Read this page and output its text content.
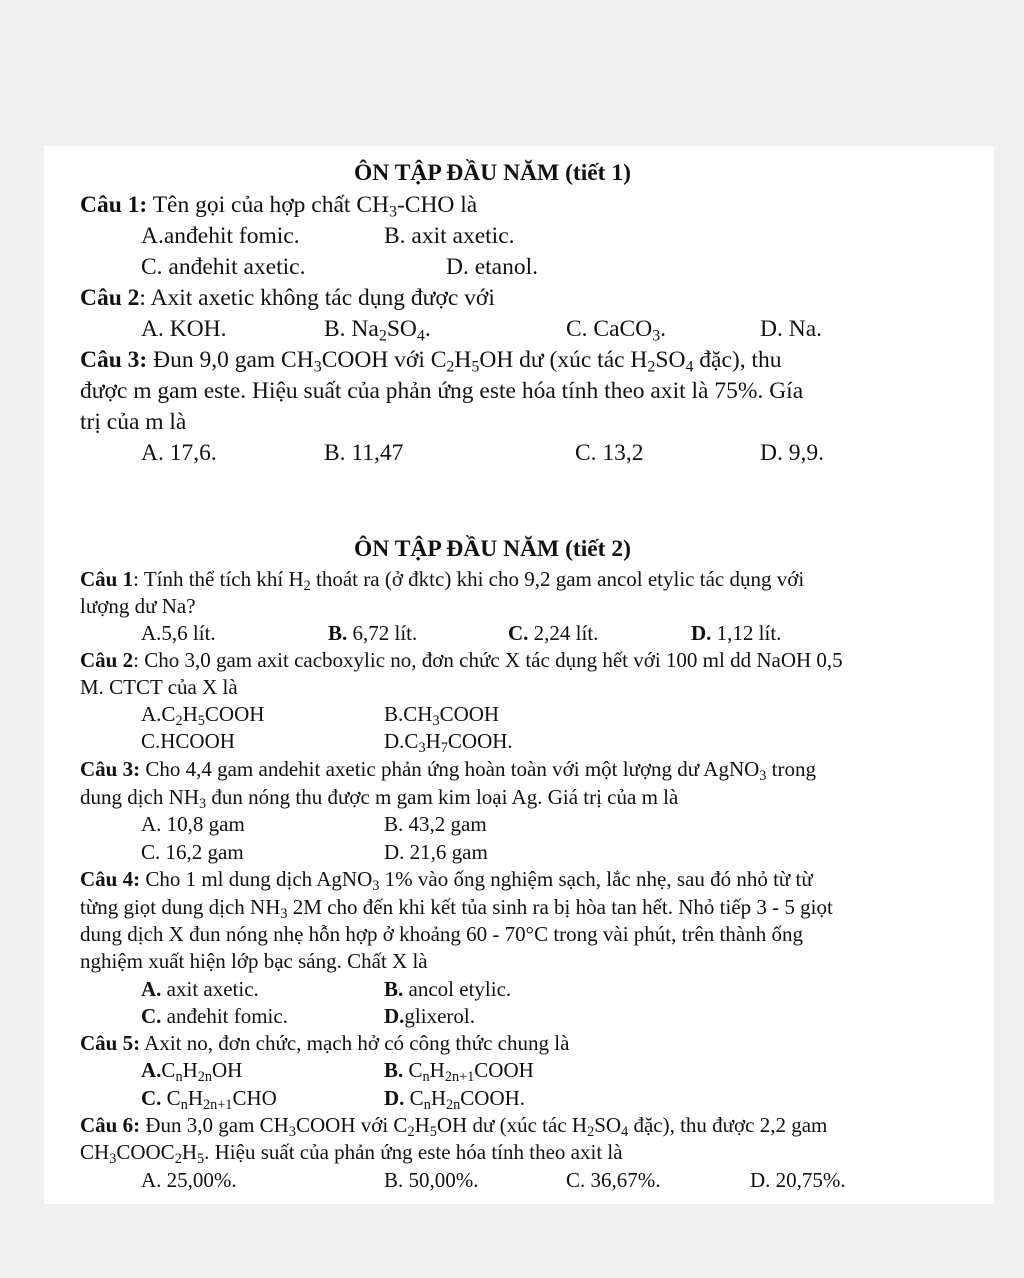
ÔN TẬP ĐẦU NĂM (tiết 1)
Câu 1: Tên gọi của hợp chất $CH_3$-CHO là
A.anđehit fomic.	B. axit axetic.
C. anđehit axetic.	D. etanol.
Câu 2: Axit axetic không tác dụng được với
A. KOH.	B. $Na_2SO_4$.	C. CaCO$_3$.	D. Na.
Câu 3: Đun 9,0 gam $CH_3COOH$ với $C_2H_5OH$ dư (xúc tác $H_2SO_4$ đặc), thu
được m gam este. Hiệu suất của phản ứng este hóa tính theo axit là 75%. Gía
trị của m là
A. 17,6.	B. 11,47	C. 13,2	D. 9,9.
ÔN TẬP ĐẦU NĂM (tiết 2)
Câu 1: Tính thể tích khí $H_2$ thoát ra (ở đktc) khi cho 9,2 gam ancol etylic tác dụng với
lượng dư Na?
A.5,6 lít.	B. 6,72 lít.	C. 2,24 lít.	D. 1,12 lít.
Câu 2: Cho 3,0 gam axit cacboxylic no, đơn chức X tác dụng hết với 100 ml dd NaOH 0,5
M. CTCT của X là
$A.C_2H_5COOH$	$B.CH_3COOH$
C.HCOOH	$D.C_3H_7COOH$.
Câu 3: Cho 4,4 gam andehit axetic phản ứng hoàn toàn với một lượng dư AgNO$_3$ trong
dung dịch $NH_3$ đun nóng thu được m gam kim loại Ag. Giá trị của m là
A. 10,8 gam	B. 43,2 gam
C. 16,2 gam	D. 21,6 gam
Câu 4: Cho 1 ml dung dịch AgNO$_3$ 1% vào ống nghiệm sạch, lắc nhẹ, sau đó nhỏ từ từ
từng giọt dung dịch $NH_3$ 2M cho đến khi kết tủa sinh ra bị hòa tan hết. Nhỏ tiếp 3 - 5 giọt
dung dịch X đun nóng nhẹ hỗn hợp ở khoảng 60 - 70°C trong vài phút, trên thành ống
nghiệm xuất hiện lớp bạc sáng. Chất X là
A. axit axetic.	B. ancol etylic.
C. anđehit fomic.	D.glixerol.
Câu 5: Axit no, đơn chức, mạch hở có công thức chung là
$A.C_nH_{2n}OH$	B. $C_nH_{2n+1}COOH$
C. $C_nH_{2n+1}CHO$	D. $C_nH_{2n}COOH$.
Câu 6: Đun 3,0 gam $CH_3COOH$ với $C_2H_5OH$ dư (xúc tác $H_2SO_4$ đặc), thu được 2,2 gam
$CH_3COOC_2H_5$. Hiệu suất của phản ứng este hóa tính theo axit là
A. 25,00%.	B. 50,00%.	C. 36,67%.	D. 20,75%.
